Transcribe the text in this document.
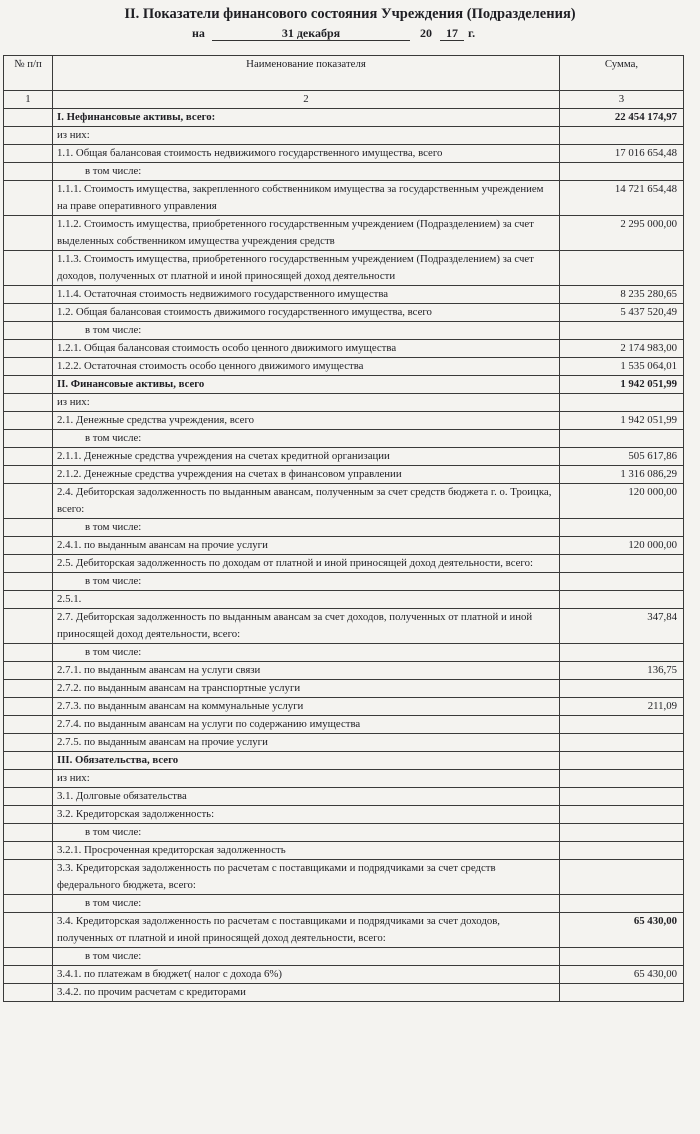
II. Показатели финансового состояния Учреждения (Подразделения)
на	31 декабря	20	17 г.
№ п/п	Наименование показателя	Сумма,
1	2	3
	I. Нефинансовые активы, всего:	22 454 174,97
	из них:	
	1.1. Общая балансовая стоимость недвижимого государственного имущества, всего	17 016 654,48
	в том числе:	
	1.1.1. Стоимость имущества, закрепленного собственником имущества за государственным учреждением на праве оперативного управления	14 721 654,48
	1.1.2. Стоимость имущества, приобретенного государственным учреждением (Подразделением) за счет выделенных собственником имущества учреждения средств	2 295 000,00
	1.1.3. Стоимость имущества, приобретенного государственным учреждением (Подразделением) за счет доходов, полученных от платной и иной приносящей доход деятельности	
	1.1.4. Остаточная стоимость недвижимого государственного имущества	8 235 280,65
	1.2. Общая балансовая стоимость движимого государственного имущества, всего	5 437 520,49
	в том числе:	
	1.2.1. Общая балансовая стоимость особо ценного движимого имущества	2 174 983,00
	1.2.2. Остаточная стоимость особо ценного движимого имущества	1 535 064,01
	II. Финансовые активы, всего	1 942 051,99
	из них:	
	2.1. Денежные средства учреждения, всего	1 942 051,99
	в том числе:	
	2.1.1. Денежные средства учреждения на счетах кредитной организации	505 617,86
	2.1.2. Денежные средства учреждения на счетах в финансовом управлении	1 316 086,29
	2.4. Дебиторская задолженность по выданным авансам, полученным за счет средств бюджета г. о. Троицка, всего:	120 000,00
	в том числе:	
	2.4.1. по выданным авансам на прочие услуги	120 000,00
	2.5. Дебиторская задолженность по доходам от платной и иной приносящей доход деятельности, всего:	
	в том числе:	
	2.5.1.	
	2.7. Дебиторская задолженность по выданным авансам за счет доходов, полученных от платной и иной приносящей доход деятельности, всего:	347,84
	в том числе:	
	2.7.1. по выданным авансам на услуги связи	136,75
	2.7.2. по выданным авансам на транспортные услуги	
	2.7.3. по выданным авансам на коммунальные услуги	211,09
	2.7.4. по выданным авансам на услуги по содержанию имущества	
	2.7.5. по выданным авансам на прочие услуги	
	III. Обязательства, всего	
	из них:	
	3.1. Долговые обязательства	
	3.2. Кредиторская задолженность:	
	в том числе:	
	3.2.1. Просроченная кредиторская задолженность	
	3.3. Кредиторская задолженность по расчетам с поставщиками и подрядчиками за счет средств федерального бюджета, всего:	
	в том числе:	
	3.4. Кредиторская задолженность по расчетам с поставщиками и подрядчиками за счет доходов, полученных от платной и иной приносящей доход деятельности, всего:	65 430,00
	в том числе:	
	3.4.1. по платежам в бюджет( налог с дохода 6%)	65 430,00
	3.4.2. по прочим расчетам с кредиторами	
